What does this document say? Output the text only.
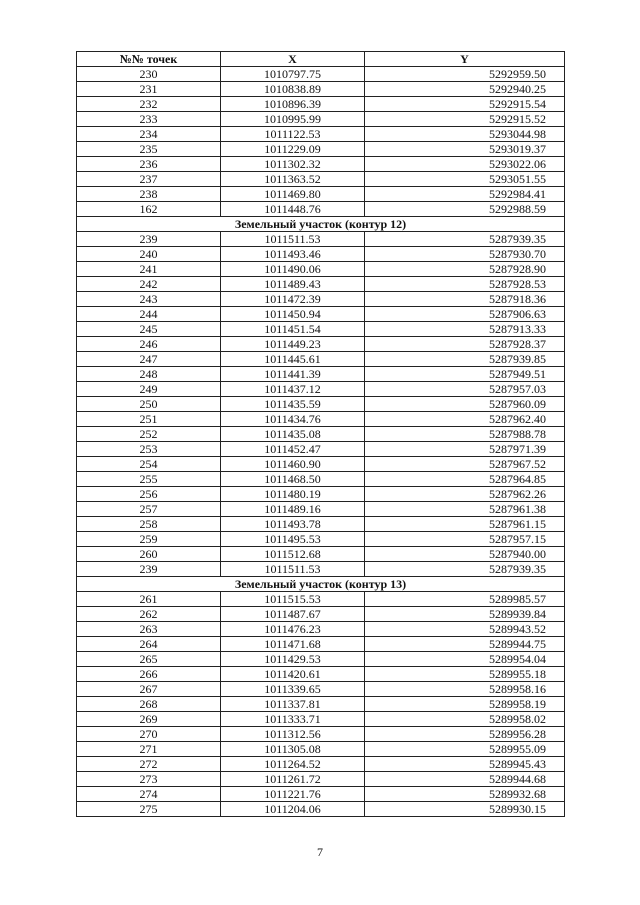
№№ точек	X	Y
230	1010797.75	5292959.50
231	1010838.89	5292940.25
232	1010896.39	5292915.54
233	1010995.99	5292915.52
234	1011122.53	5293044.98
235	1011229.09	5293019.37
236	1011302.32	5293022.06
237	1011363.52	5293051.55
238	1011469.80	5292984.41
162	1011448.76	5292988.59
Земельный участок (контур 12)		
239	1011511.53	5287939.35
240	1011493.46	5287930.70
241	1011490.06	5287928.90
242	1011489.43	5287928.53
243	1011472.39	5287918.36
244	1011450.94	5287906.63
245	1011451.54	5287913.33
246	1011449.23	5287928.37
247	1011445.61	5287939.85
248	1011441.39	5287949.51
249	1011437.12	5287957.03
250	1011435.59	5287960.09
251	1011434.76	5287962.40
252	1011435.08	5287988.78
253	1011452.47	5287971.39
254	1011460.90	5287967.52
255	1011468.50	5287964.85
256	1011480.19	5287962.26
257	1011489.16	5287961.38
258	1011493.78	5287961.15
259	1011495.53	5287957.15
260	1011512.68	5287940.00
239	1011511.53	5287939.35
Земельный участок (контур 13)		
261	1011515.53	5289985.57
262	1011487.67	5289939.84
263	1011476.23	5289943.52
264	1011471.68	5289944.75
265	1011429.53	5289954.04
266	1011420.61	5289955.18
267	1011339.65	5289958.16
268	1011337.81	5289958.19
269	1011333.71	5289958.02
270	1011312.56	5289956.28
271	1011305.08	5289955.09
272	1011264.52	5289945.43
273	1011261.72	5289944.68
274	1011221.76	5289932.68
275	1011204.06	5289930.15
7
